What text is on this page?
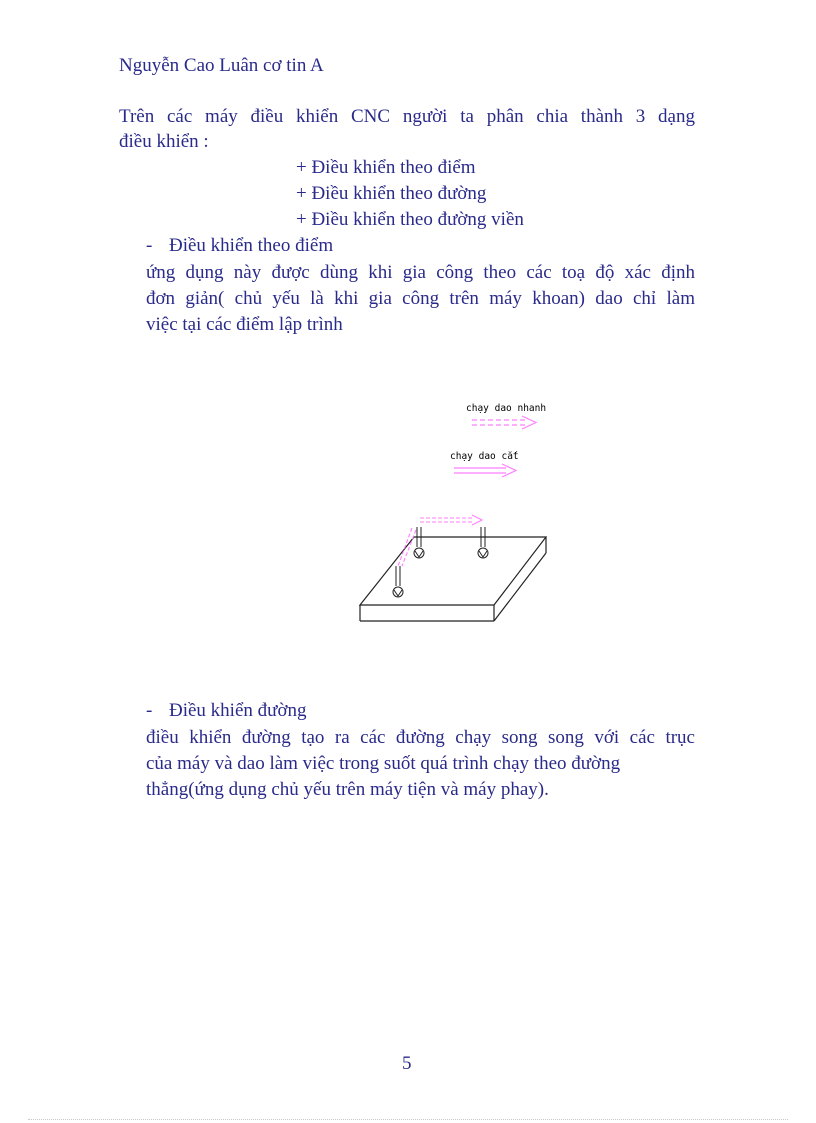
Nguyễn Cao Luân cơ tin A
Trên các máy điều khiển CNC người ta phân chia thành 3 dạng
điều khiển :
+ Điều khiển theo điểm
+ Điều khiển theo đường
+ Điều khiển theo đường viền
- Điều khiển theo điểm
ứng dụng này được dùng khi gia công theo các toạ độ xác định
đơn giản( chủ yếu là khi gia công trên máy khoan) dao chỉ làm
việc tại các điểm lập trình
chạy dao nhanh
chạy dao cắt
- Điều khiển đường
điều khiển đường tạo ra các đường chạy song song với các trục
của máy và dao làm việc trong suốt quá trình chạy theo đường
thẳng(ứng dụng chủ yếu trên máy tiện và máy phay).
5
